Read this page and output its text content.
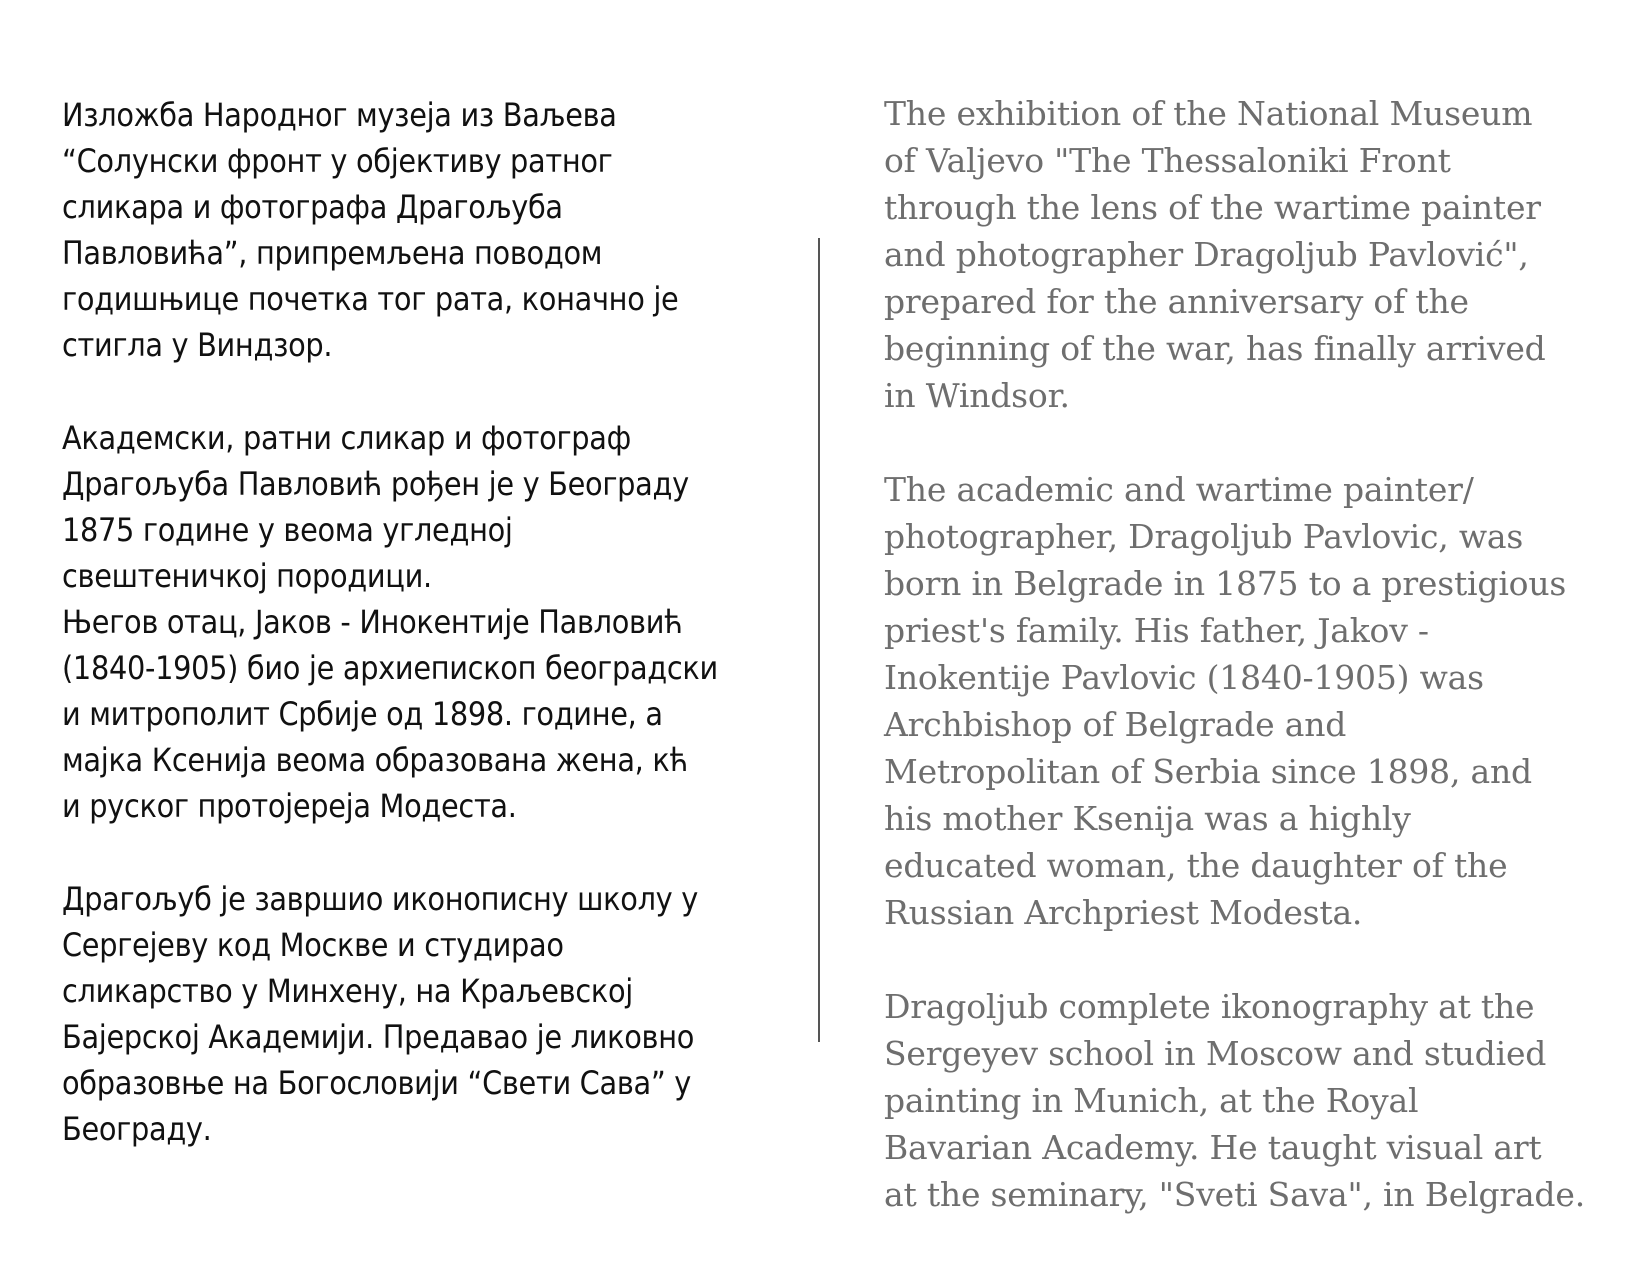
Изложба Народног музеја из Ваљева
“Солунски фронт у објективу ратног
сликара и фотографа Драгољуба
Павловића”, припремљена поводом
годишњице почетка тог рата, коначно је
стигла у Виндзор.

Академски, ратни сликар и фотограф
Драгољуба Павловић рођен је у Београду
1875 године у веома угледној
свештеничкој породици.
Његов отац, Јаков - Инокентије Павловић
(1840-1905) био је архиепископ београдски
и митрополит Србије од 1898. године, а
мајка Ксенија веома образована жена, кћ
и руског протојереја Модеста.

Драгољуб је завршио иконописну школу у
Сергејеву код Москве и студирао
сликарство у Минхену, на Краљевској
Бајерској Академији. Предавао је ликовно
образовње на Богословији “Свети Сава” у
Београду.

The exhibition of the National Museum
of Valjevo "The Thessaloniki Front
through the lens of the wartime painter
and photographer Dragoljub Pavlović",
prepared for the anniversary of the
beginning of the war, has finally arrived
in Windsor.

The academic and wartime painter/
photographer, Dragoljub Pavlovic, was
born in Belgrade in 1875 to a prestigious
priest's family. His father, Jakov -
Inokentije Pavlovic (1840-1905) was
Archbishop of Belgrade and
Metropolitan of Serbia since 1898, and
his mother Ksenija was a highly
educated woman, the daughter of the
Russian Archpriest Modesta.

Dragoljub complete ikonography at the
Sergeyev school in Moscow and studied
painting in Munich, at the Royal
Bavarian Academy. He taught visual art
at the seminary, "Sveti Sava", in Belgrade.
